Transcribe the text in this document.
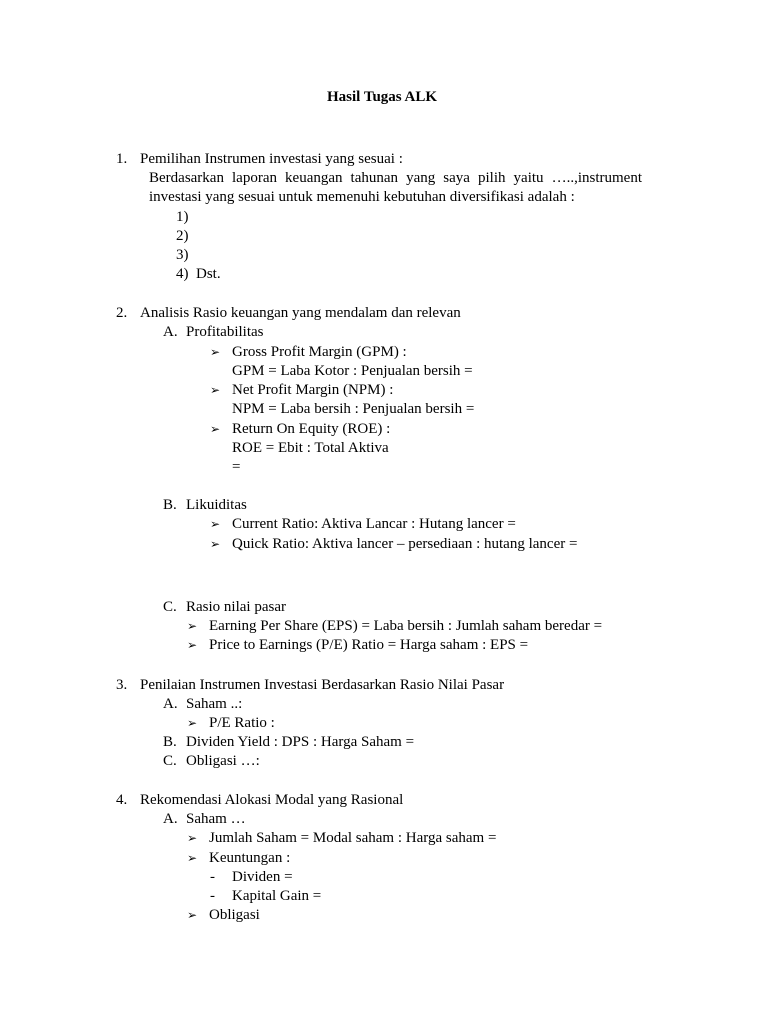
Hasil Tugas ALK
1. Pemilihan Instrumen investasi yang sesuai :
Berdasarkan laporan keuangan tahunan yang saya pilih yaitu …..,instrument
investasi yang sesuai untuk memenuhi kebutuhan diversifikasi adalah :
1)
2)
3)
4) Dst.
2. Analisis Rasio keuangan yang mendalam dan relevan
A. Profitabilitas
➢ Gross Profit Margin (GPM) :
GPM = Laba Kotor : Penjualan bersih =
➢ Net Profit Margin (NPM) :
NPM = Laba bersih : Penjualan bersih =
➢ Return On Equity (ROE) :
ROE = Ebit : Total Aktiva
=
B. Likuiditas
➢ Current Ratio: Aktiva Lancar : Hutang lancer =
➢ Quick Ratio: Aktiva lancer – persediaan : hutang lancer =
C. Rasio nilai pasar
➢ Earning Per Share (EPS) = Laba bersih : Jumlah saham beredar =
➢ Price to Earnings (P/E) Ratio = Harga saham : EPS =
3. Penilaian Instrumen Investasi Berdasarkan Rasio Nilai Pasar
A. Saham ..:
➢ P/E Ratio :
B. Dividen Yield : DPS : Harga Saham =
C. Obligasi …:
4. Rekomendasi Alokasi Modal yang Rasional
A. Saham …
➢ Jumlah Saham = Modal saham : Harga saham =
➢ Keuntungan :
- Dividen =
- Kapital Gain =
➢ Obligasi
